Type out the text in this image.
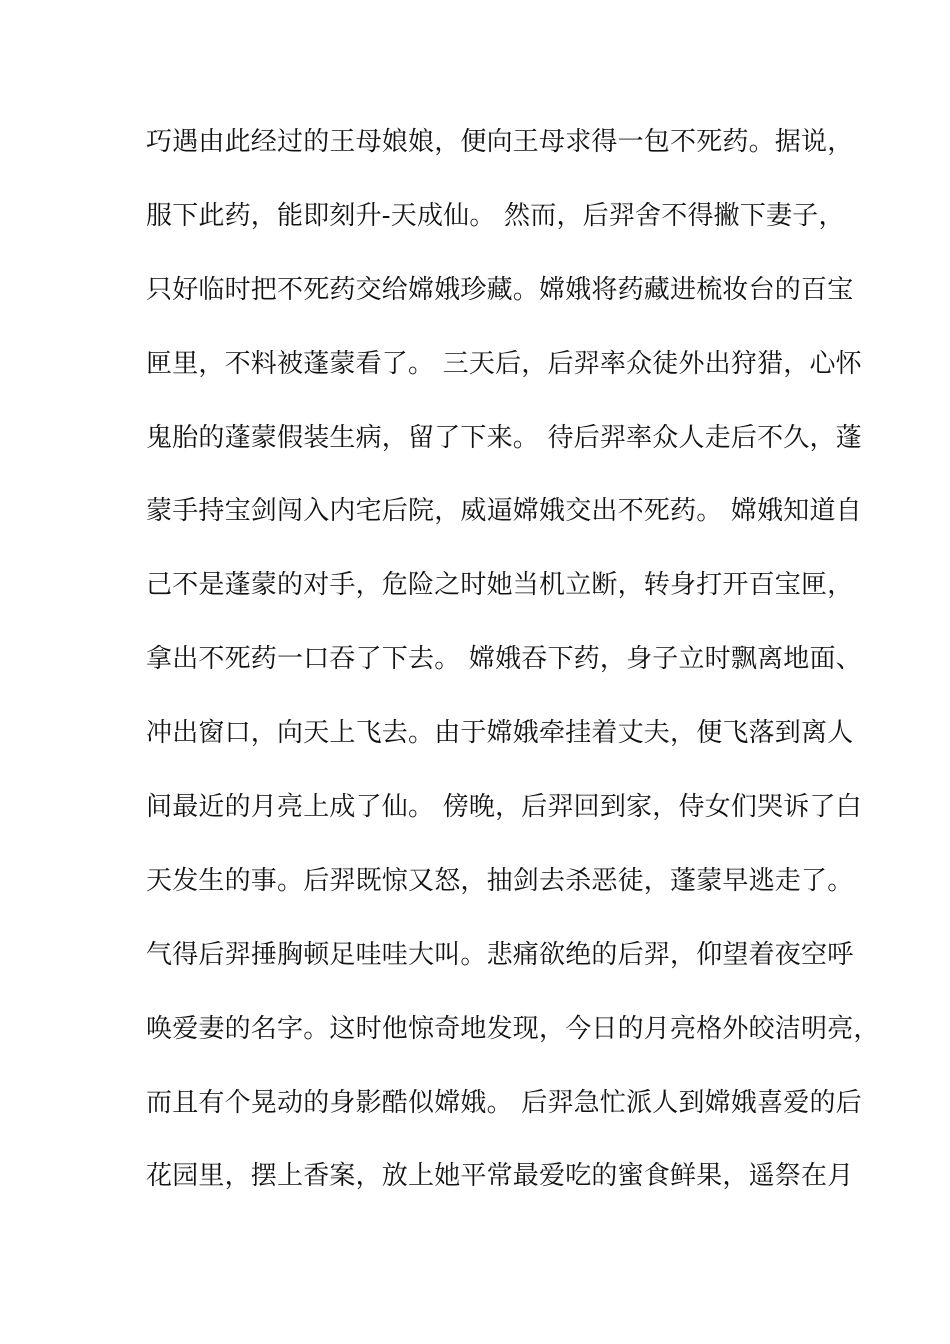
巧遇由此经过的王母娘娘，便向王母求得一包不死药。据说，
服下此药，能即刻升-天成仙。 然而，后羿舍不得撇下妻子，
只好临时把不死药交给嫦娥珍藏。嫦娥将药藏进梳妆台的百宝
匣里，不料被蓬蒙看了。 三天后，后羿率众徒外出狩猎，心怀
鬼胎的蓬蒙假装生病，留了下来。 待后羿率众人走后不久，蓬
蒙手持宝剑闯入内宅后院，威逼嫦娥交出不死药。 嫦娥知道自
己不是蓬蒙的对手，危险之时她当机立断，转身打开百宝匣，
拿出不死药一口吞了下去。 嫦娥吞下药，身子立时飘离地面、
冲出窗口，向天上飞去。由于嫦娥牵挂着丈夫，便飞落到离人
间最近的月亮上成了仙。 傍晚，后羿回到家，侍女们哭诉了白
天发生的事。后羿既惊又怒，抽剑去杀恶徒，蓬蒙早逃走了。
气得后羿捶胸顿足哇哇大叫。悲痛欲绝的后羿，仰望着夜空呼
唤爱妻的名字。这时他惊奇地发现，今日的月亮格外皎洁明亮，
而且有个晃动的身影酷似嫦娥。 后羿急忙派人到嫦娥喜爱的后
花园里，摆上香案，放上她平常最爱吃的蜜食鲜果，遥祭在月
